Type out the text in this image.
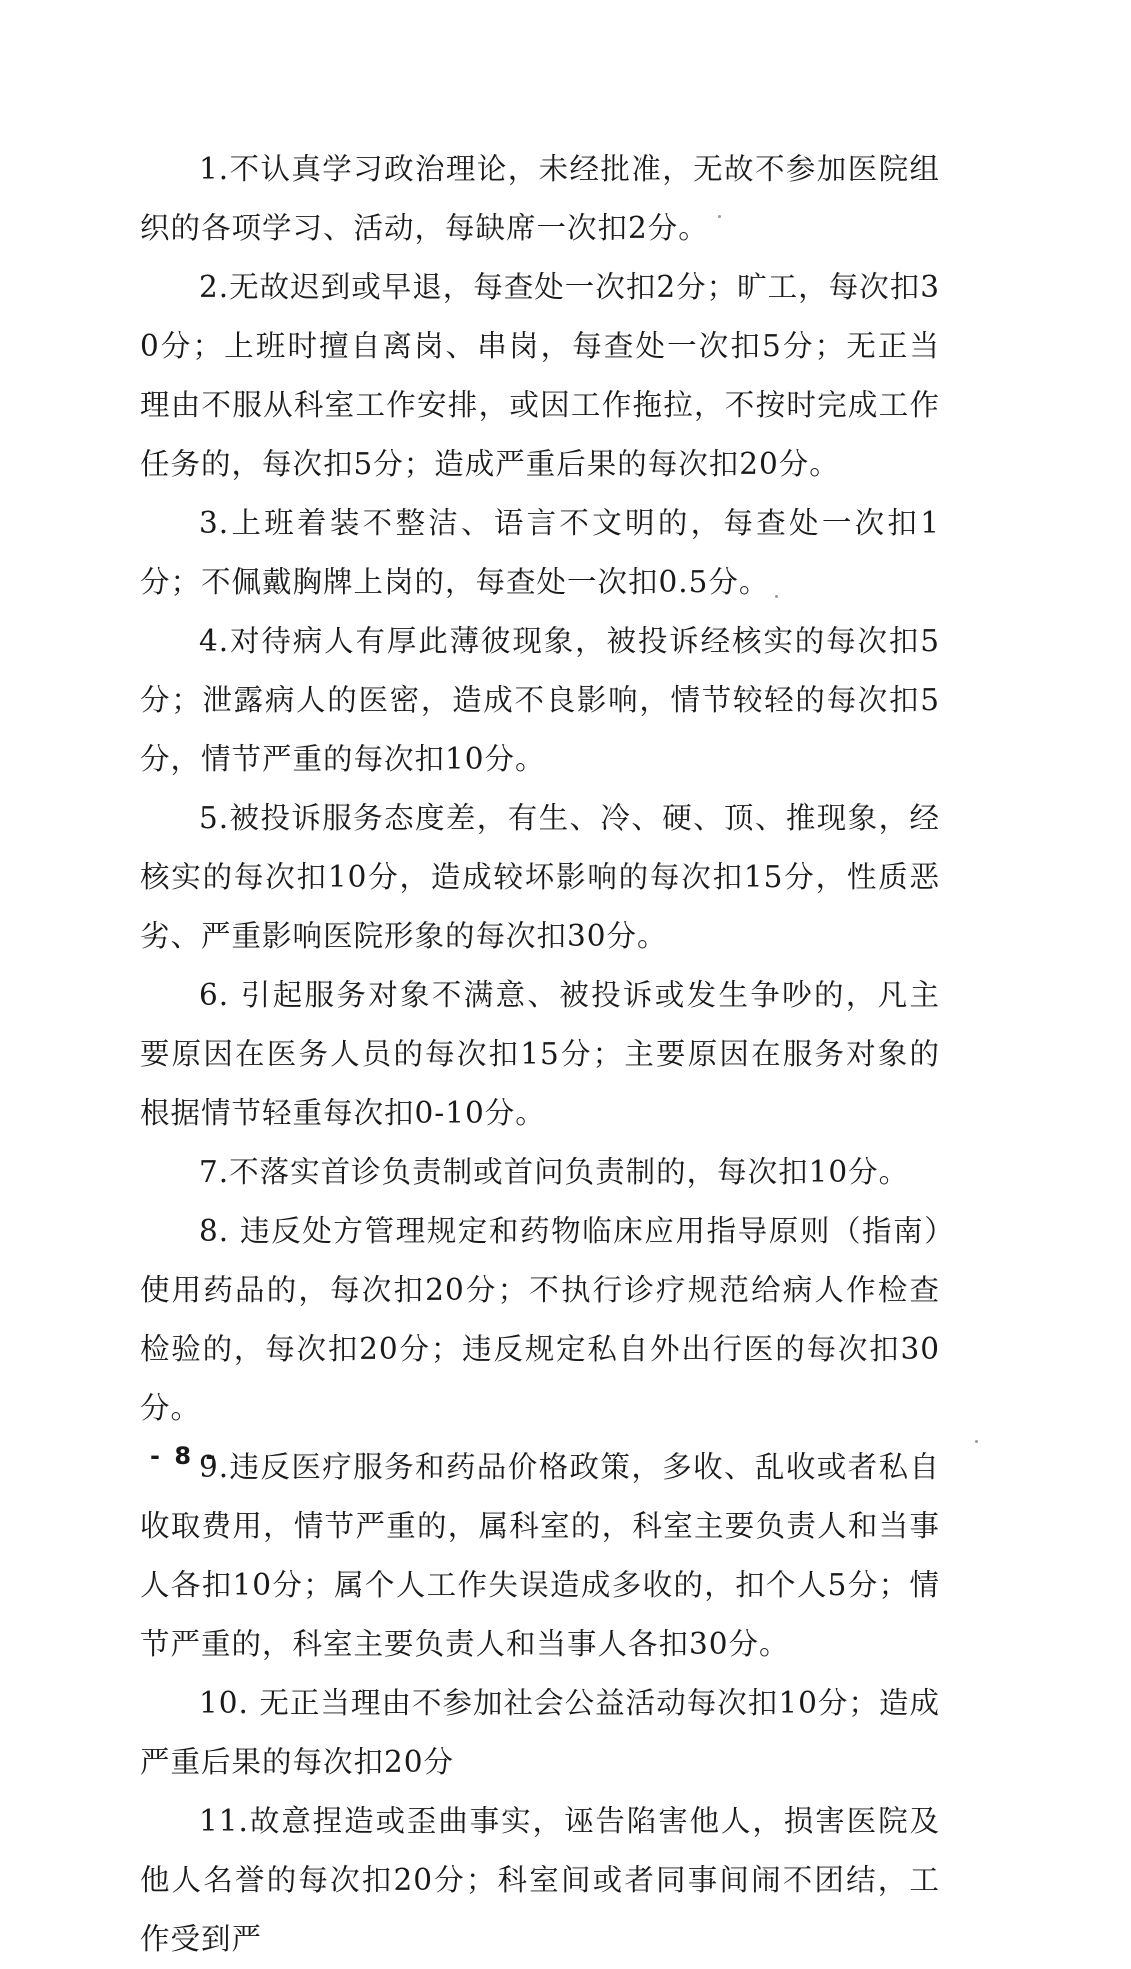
1.不认真学习政治理论，未经批准，无故不参加医院组织的各项学习、活动，每缺席一次扣2分。

2.无故迟到或早退，每查处一次扣2分；旷工，每次扣30分；上班时擅自离岗、串岗，每查处一次扣5分；无正当理由不服从科室工作安排，或因工作拖拉，不按时完成工作任务的，每次扣5分；造成严重后果的每次扣20分。

3.上班着装不整洁、语言不文明的，每查处一次扣1分；不佩戴胸牌上岗的，每查处一次扣0.5分。

4.对待病人有厚此薄彼现象，被投诉经核实的每次扣5分；泄露病人的医密，造成不良影响，情节较轻的每次扣5分，情节严重的每次扣10分。

5.被投诉服务态度差，有生、冷、硬、顶、推现象，经核实的每次扣10分，造成较坏影响的每次扣15分，性质恶劣、严重影响医院形象的每次扣30分。

6. 引起服务对象不满意、被投诉或发生争吵的，凡主要原因在医务人员的每次扣15分；主要原因在服务对象的根据情节轻重每次扣0-10分。

7.不落实首诊负责制或首问负责制的，每次扣10分。

8. 违反处方管理规定和药物临床应用指导原则（指南）使用药品的，每次扣20分；不执行诊疗规范给病人作检查检验的，每次扣20分；违反规定私自外出行医的每次扣30分。

9.违反医疗服务和药品价格政策，多收、乱收或者私自收取费用，情节严重的，属科室的，科室主要负责人和当事人各扣10分；属个人工作失误造成多收的，扣个人5分；情节严重的，科室主要负责人和当事人各扣30分。

10. 无正当理由不参加社会公益活动每次扣10分；造成严重后果的每次扣20分

11.故意捏造或歪曲事实，诬告陷害他人，损害医院及他人名誉的每次扣20分；科室间或者同事间闹不团结，工作受到严

- 8 -
